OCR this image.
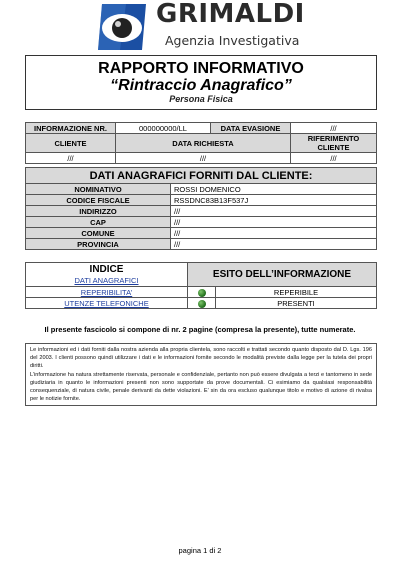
GRIMALDI
Agenzia Investigativa
RAPPORTO INFORMATIVO
“Rintraccio Anagrafico”
Persona Fisica
INFORMAZIONE NR.	000000000/LL	DATA EVASIONE	///
CLIENTE	DATA RICHIESTA		RIFERIMENTO CLIENTE
///	///		///
DATI ANAGRAFICI FORNITI DAL CLIENTE:	
NOMINATIVO	ROSSI DOMENICO
CODICE FISCALE	RSSDNC83B13F537J
INDIRIZZO	///
CAP	///
COMUNE	///
PROVINCIA	///
INDICE	ESITO DELL’INFORMAZIONE	
DATI ANAGRAFICI		
REPERIBILITA’		REPERIBILE
UTENZE TELEFONICHE		PRESENTI
Il presente fascicolo si compone di nr. 2 pagine (compresa la presente), tutte numerate.

Le informazioni ed i dati forniti dalla nostra azienda alla propria clientela, sono raccolti e trattati secondo quanto disposto dal D. Lgs. 196 del 2003. I clienti possono quindi utilizzare i dati e le informazioni fornite secondo le modalità previste dalla legge per la tutela dei propri diritti.

L’informazione ha natura strettamente riservata, personale e confidenziale, pertanto non può essere divulgata a terzi e tantomeno in sede giudiziaria in quanto le informazioni presenti non sono supportate da prove documentali. Ci esimiamo da qualsiasi responsabilità consequenziale, di natura civile, penale derivanti da dette violazioni. E’ sin da ora escluso qualunque titolo e motivo di azione di rivalsa per le notizie fornite.

pagina 1 di 2
